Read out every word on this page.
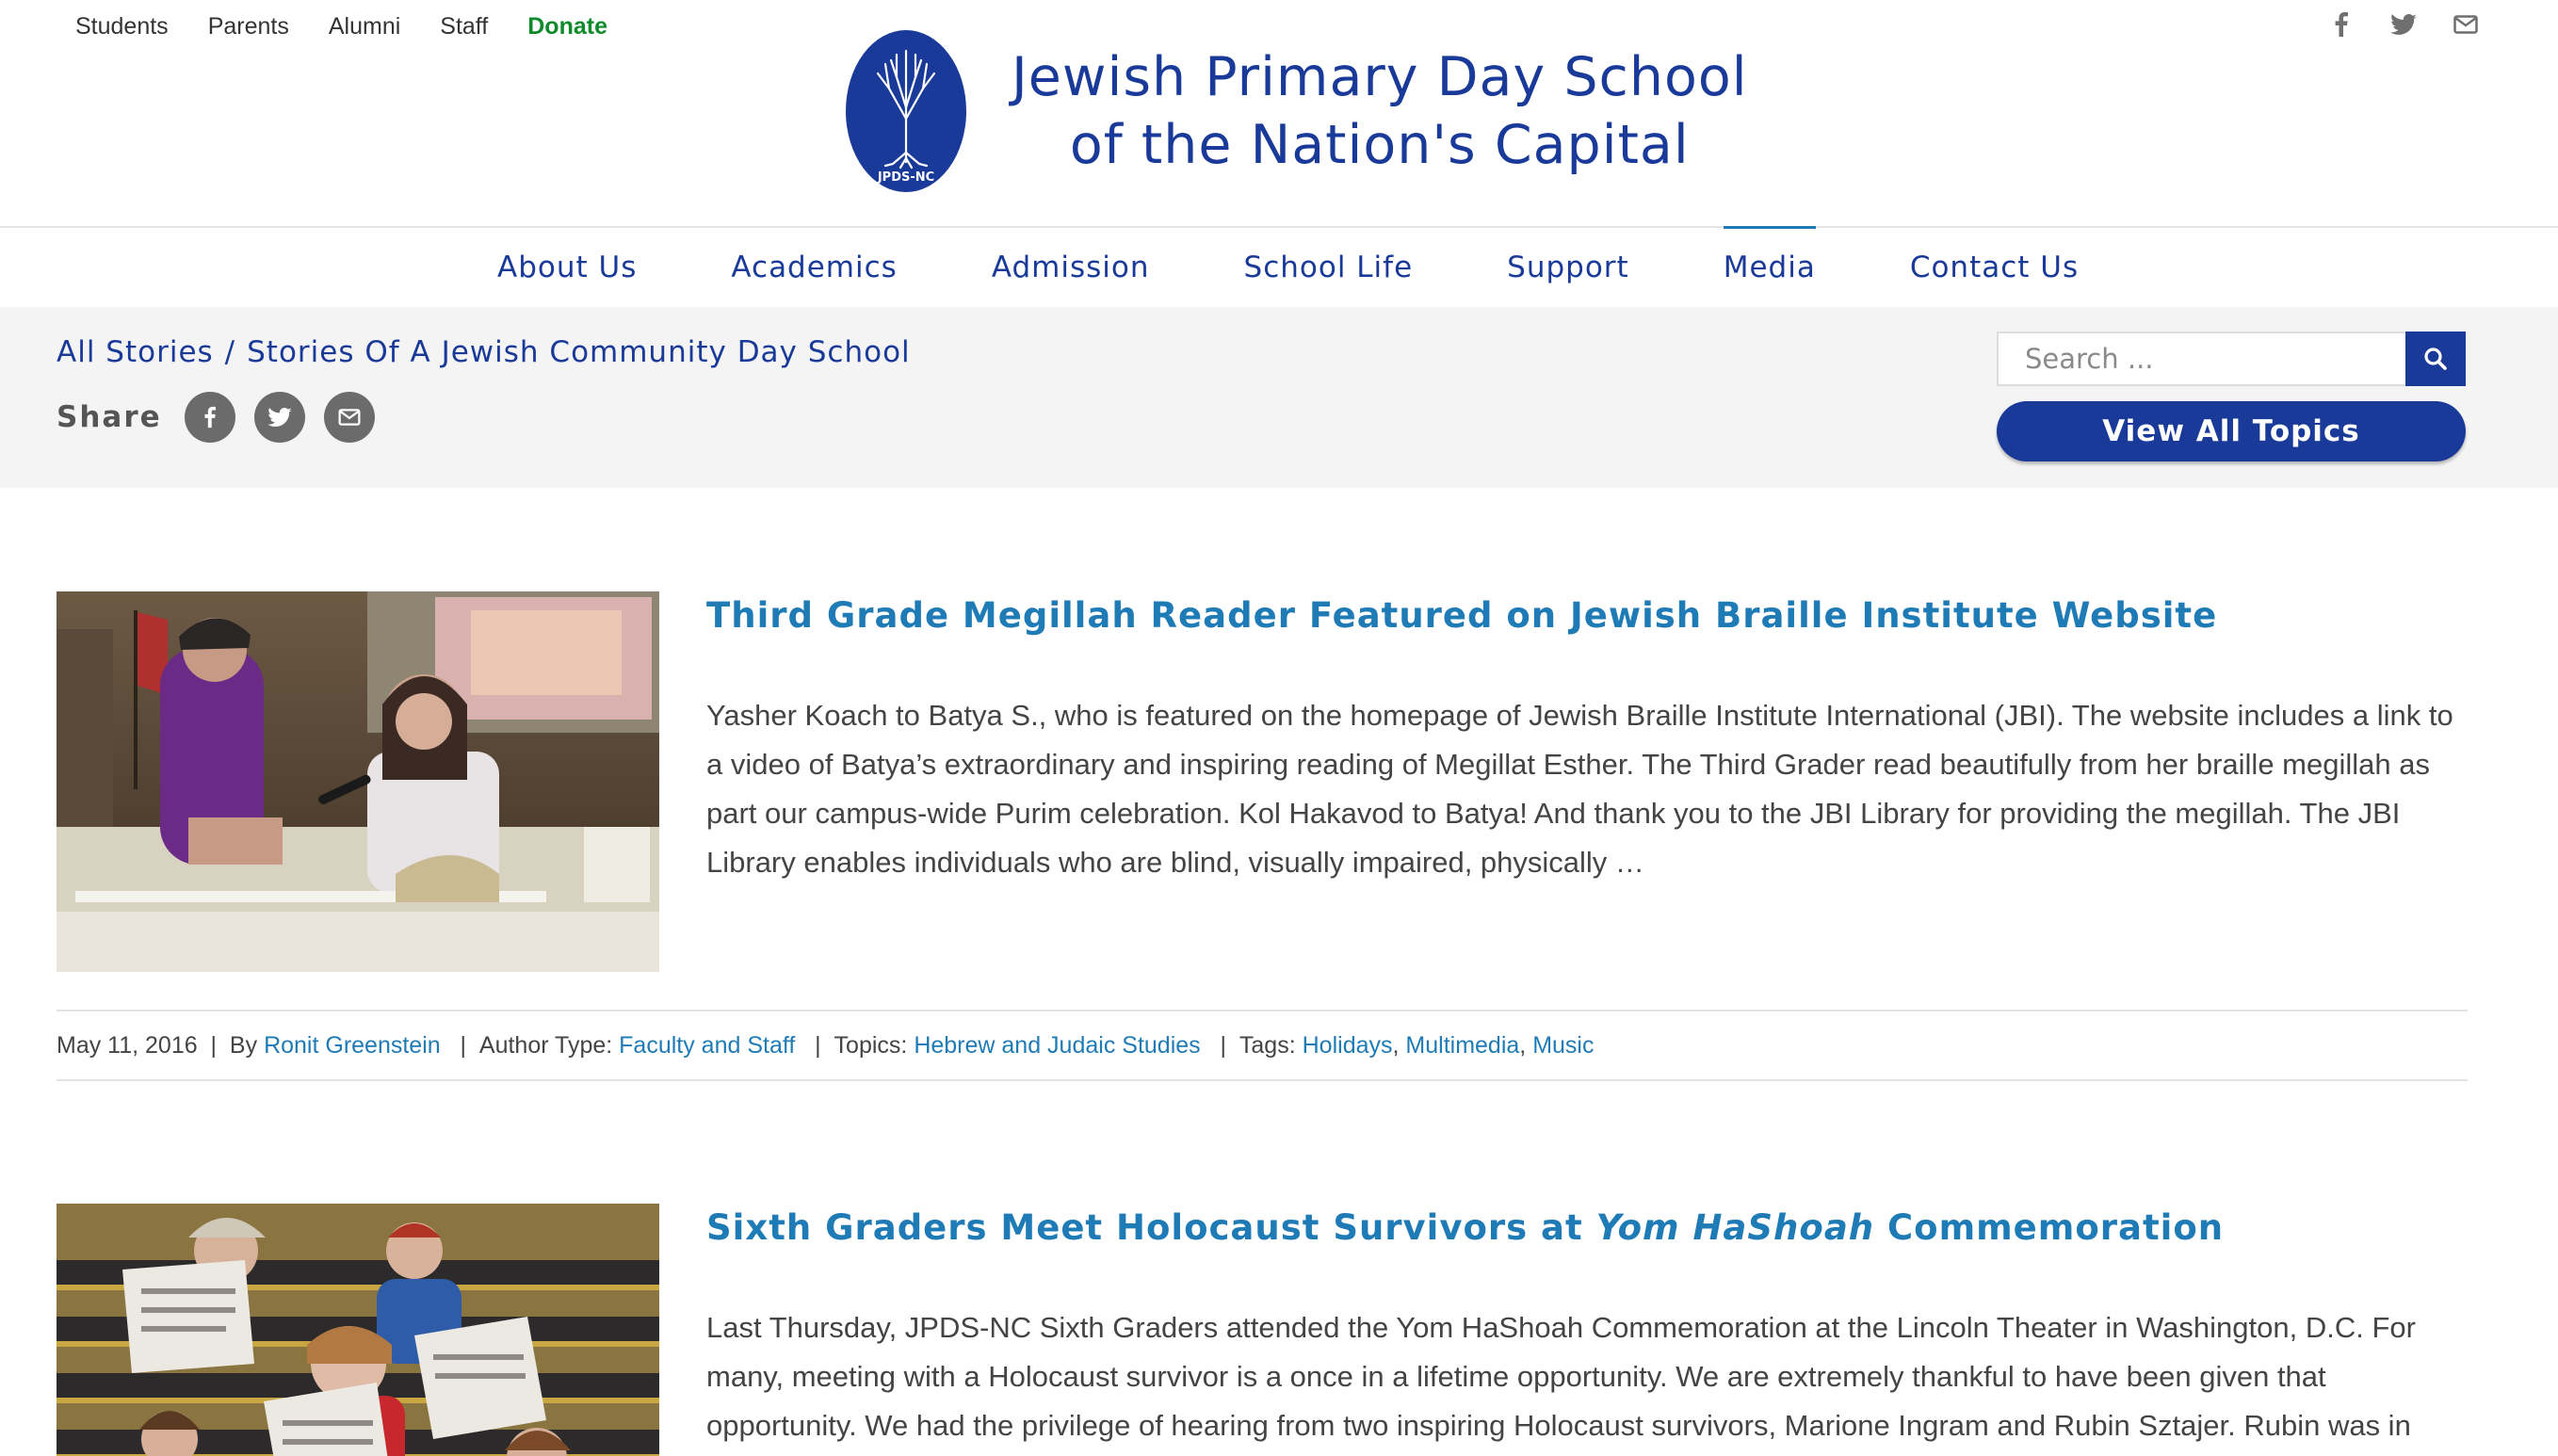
Students Parents Alumni Staff Donate
JPDS-NC
Jewish Primary Day School
of the Nation's Capital
About Us	Academics	Admission	School Life	Support	Media	Contact Us
All Stories / Stories Of A Jewish Community Day School
Share
Search ...	View All Topics
Third Grade Megillah Reader Featured on Jewish Braille Institute Website

Yasher Koach to Batya S., who is featured on the homepage of Jewish Braille Institute International (JBI). The website includes a link to a video of Batya’s extraordinary and inspiring reading of Megillat Esther. The Third Grader read beautifully from her braille megillah as part our campus-wide Purim celebration. Kol Hakavod to Batya! And thank you to the JBI Library for providing the megillah. The JBI Library enables individuals who are blind, visually impaired, physically …

May 11, 2016 | By
Ronit Greenstein | Author Type:
Faculty and Staff | Topics:
Hebrew and Judaic Studies | Tags:
Holidays , Multimedia , Music
Sixth Graders Meet Holocaust Survivors at Yom HaShoah Commemoration

Last Thursday, JPDS-NC Sixth Graders attended the Yom HaShoah Commemoration at the Lincoln Theater in Washington, D.C. For many, meeting with a Holocaust survivor is a once in a lifetime opportunity. We are extremely thankful to have been given that opportunity. We had the privilege of hearing from two inspiring Holocaust survivors, Marione Ingram and Rubin Sztajer. Rubin was in
